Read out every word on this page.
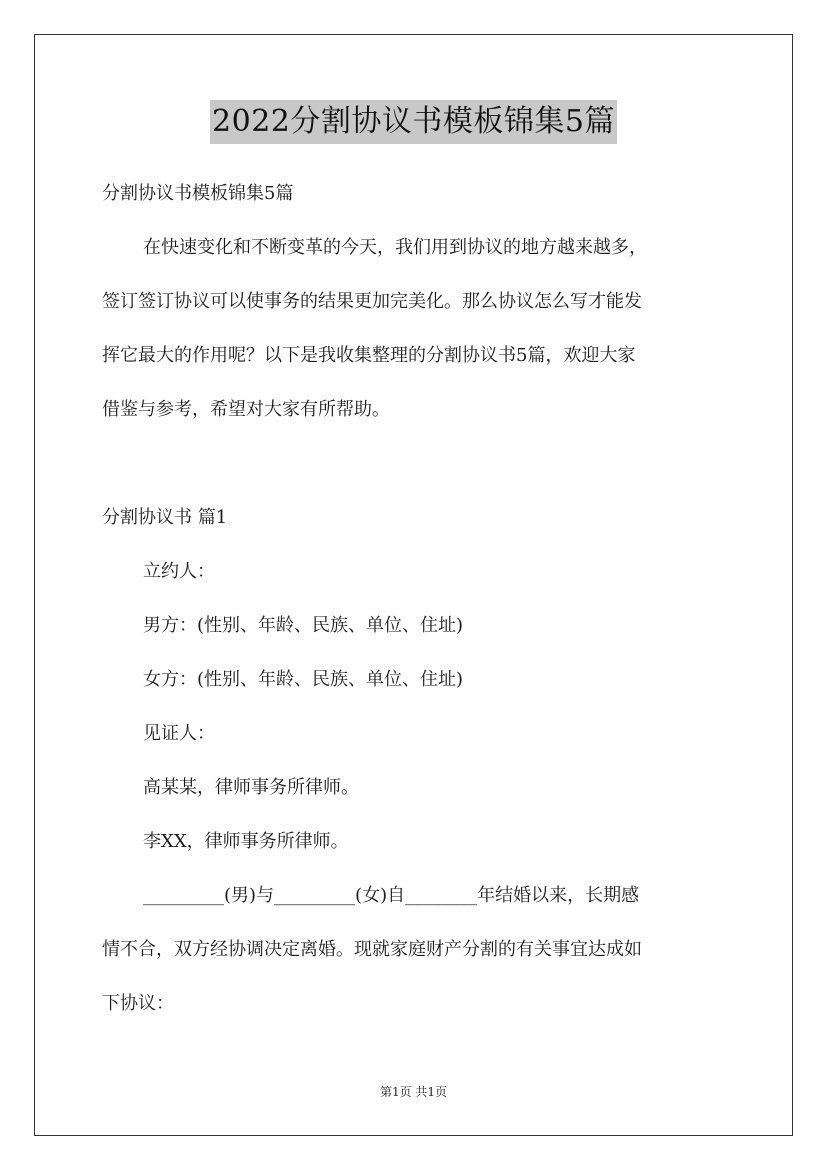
2022分割协议书模板锦集5篇
分割协议书模板锦集5篇
在快速变化和不断变革的今天，我们用到协议的地方越来越多，
签订签订协议可以使事务的结果更加完美化。那么协议怎么写才能发
挥它最大的作用呢？以下是我收集整理的分割协议书5篇，欢迎大家
借鉴与参考，希望对大家有所帮助。
分割协议书 篇1
立约人：
男方：(性别、年龄、民族、单位、住址)
女方：(性别、年龄、民族、单位、住址)
见证人：
高某某，律师事务所律师。
李XX，律师事务所律师。
_________(男)与_________(女)自________年结婚以来，长期感
情不合，双方经协调决定离婚。现就家庭财产分割的有关事宜达成如
下协议：
第1页 共1页
